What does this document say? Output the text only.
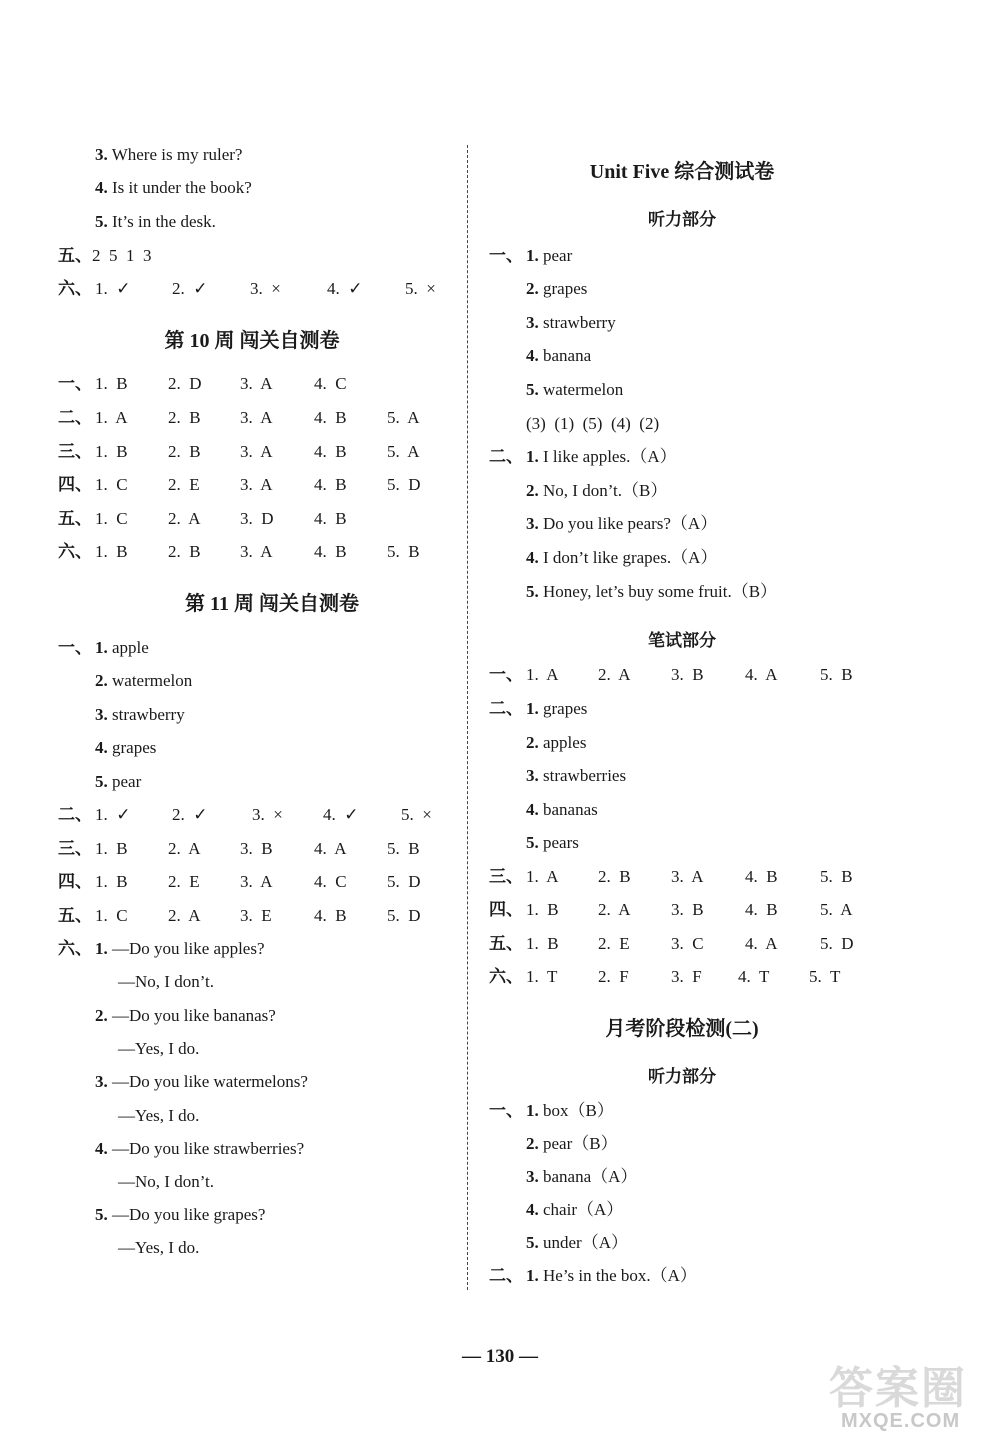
3. Where is my ruler?
4. Is it under the book?
5. It’s in the desk.
五、2  5  1  3
六、 1.  ✓ 2.  ✓	3.  ×	4.  ✓	5.  ×
第 10 周 闯关自测卷
一、 1.  B 2.  D 3.  A 4.  C
二、 1.  A 2.  B 3.  A 4.  B 5.  A
三、 1.  B 2.  B 3.  A 4.  B 5.  A
四、 1.  C 2.  E 3.  A 4.  B 5.  D
五、 1.  C 2.  A 3.  D 4.  B
六、 1.  B 2.  B 3.  A 4.  B 5.  B
第 11 周 闯关自测卷
一、 1. apple
2. watermelon
3. strawberry
4. grapes
5. pear
二、 1.  ✓ 2.  ✓	3.  × 4.  ✓	5.  ×
三、 1.  B 2.  A 3.  B 4.  A 5.  B
四、 1.  B 2.  E 3.  A 4.  C 5.  D
五、 1.  C 2.  A 3.  E 4.  B 5.  D
六、 1. —Do you like apples?
—No, I don’t.
2. —Do you like bananas?
—Yes, I do.
3. —Do you like watermelons?
—Yes, I do.
4. —Do you like strawberries?
—No, I don’t.
5. —Do you like grapes?
—Yes, I do.
Unit Five 综合测试卷
听力部分
一、 1. pear
2. grapes
3. strawberry
4. banana
5. watermelon
(3)  (1)  (5)  (4)  (2)
二、 1. I like apples.（A）
2. No, I don’t.（B）
3. Do you like pears?（A）
4. I don’t like grapes.（A）
5. Honey, let’s buy some fruit.（B）
笔试部分
一、 1.  A 2.  A 3.  B 4.  A 5.  B
二、 1. grapes
2. apples
3. strawberries
4. bananas
5. pears
三、 1.  A 2.  B 3.  A 4.  B 5.  B
四、 1.  B 2.  A 3.  B 4.  B 5.  A
五、 1.  B 2.  E 3.  C 4.  A 5.  D
六、 1.  T 2.  F 3.  F 4.  T 5.  T
月考阶段检测(二)
听力部分
一、 1. box（B）
2. pear（B）
3. banana（A）
4. chair（A）
5. under（A）
二、 1. He’s in the box.（A）
— 130 —
答案圈
MXQE.COM
